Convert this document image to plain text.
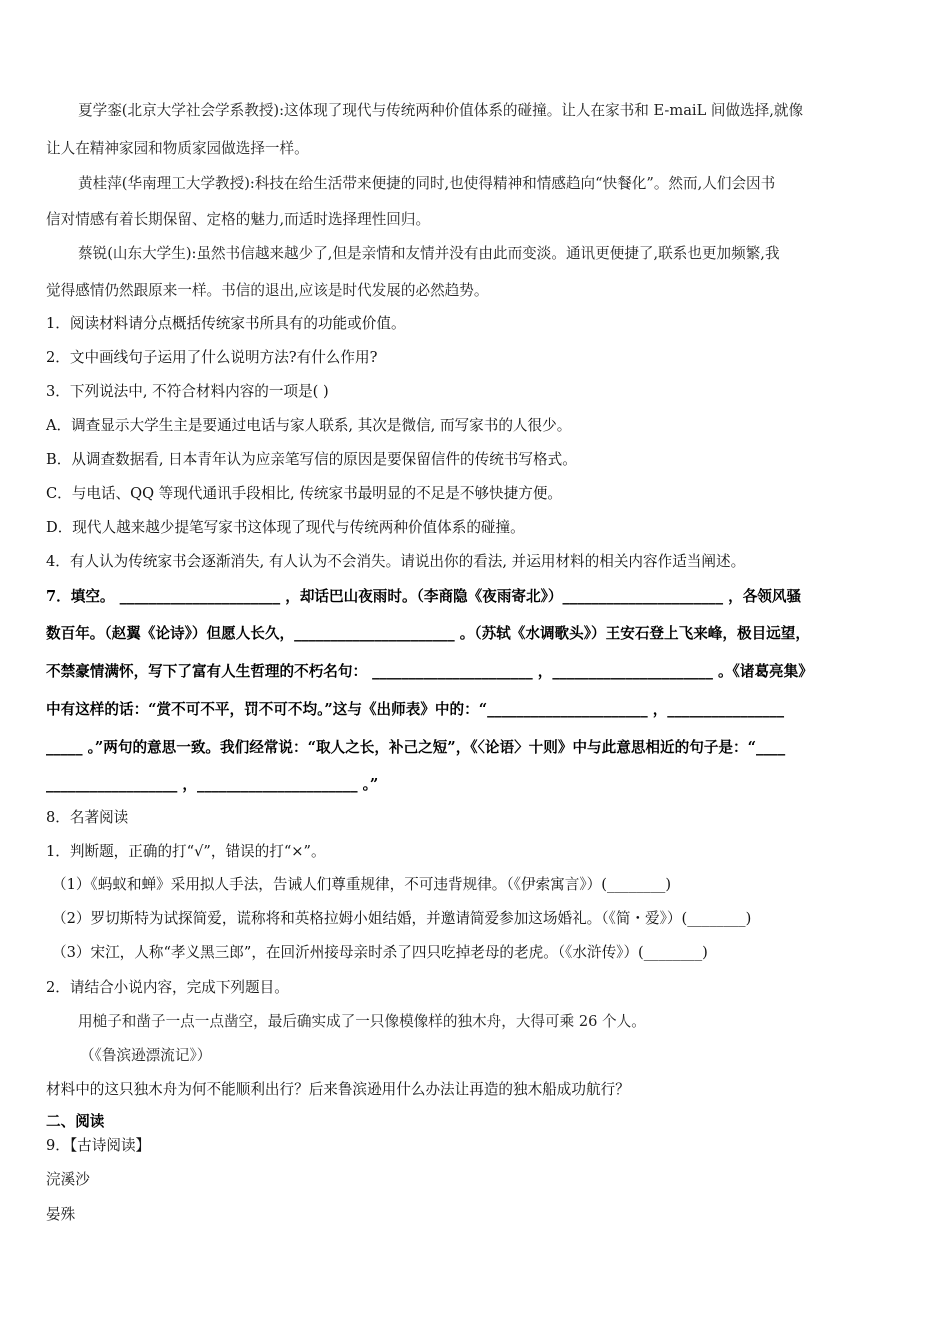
夏学銮(北京大学社会学系教授):这体现了现代与传统两种价值体系的碰撞。让人在家书和 E-maiL 间做选择,就像
让人在精神家园和物质家园做选择一样。
黄桂萍(华南理工大学教授):科技在给生活带来便捷的同时,也使得精神和情感趋向“快餐化”。然而,人们会因书
信对情感有着长期保留、定格的魅力,而适时选择理性回归。
蔡锐(山东大学生):虽然书信越来越少了,但是亲情和友情并没有由此而变淡。通讯更便捷了,联系也更加频繁,我
觉得感情仍然跟原来一样。书信的退出,应该是时代发展的必然趋势。
1．阅读材料请分点概括传统家书所具有的功能或价值。
2．文中画线句子运用了什么说明方法?有什么作用?
3．下列说法中, 不符合材料内容的一项是( )
A．调查显示大学生主是要通过电话与家人联系, 其次是微信, 而写家书的人很少。
B．从调查数据看, 日本青年认为应亲笔写信的原因是要保留信件的传统书写格式。
C．与电话、QQ 等现代通讯手段相比, 传统家书最明显的不足是不够快捷方便。
D．现代人越来越少提笔写家书这体现了现代与传统两种价值体系的碰撞。
4．有人认为传统家书会逐渐消失, 有人认为不会消失。请说出你的看法, 并运用材料的相关内容作适当阐述。
7．填空。 ______________________ ，却话巴山夜雨时。（李商隐《夜雨寄北》）______________________ ，各领风骚
数百年。（赵翼《论诗》）但愿人长久，______________________ 。（苏轼《水调歌头》）王安石登上飞来峰，极目远望，
不禁豪情满怀，写下了富有人生哲理的不朽名句： ______________________ ，______________________ 。《诸葛亮集》
中有这样的话：“赏不可不平，罚不可不均。”这与《出师表》中的：“______________________ ，________________
_____ 。”两句的意思一致。我们经常说：“取人之长，补己之短”，《〈论语〉十则》中与此意思相近的句子是：“____
__________________ ，______________________ 。”
8．名著阅读
1．判断题，正确的打“√”，错误的打“×”。
（1）《蚂蚁和蝉》采用拟人手法，告诫人们尊重规律，不可违背规律。（《伊索寓言》）(________)
（2）罗切斯特为试探简爱，谎称将和英格拉姆小姐结婚，并邀请简爱参加这场婚礼。（《简・爱》）(________)
（3）宋江，人称“孝义黑三郎”，在回沂州接母亲时杀了四只吃掉老母的老虎。（《水浒传》）(________)
2．请结合小说内容，完成下列题目。
用槌子和凿子一点一点凿空，最后确实成了一只像模像样的独木舟，大得可乘 26 个人。
（《鲁滨逊漂流记》）
材料中的这只独木舟为何不能顺利出行？后来鲁滨逊用什么办法让再造的独木船成功航行？
二、阅读
9．【古诗阅读】
浣溪沙
晏殊
